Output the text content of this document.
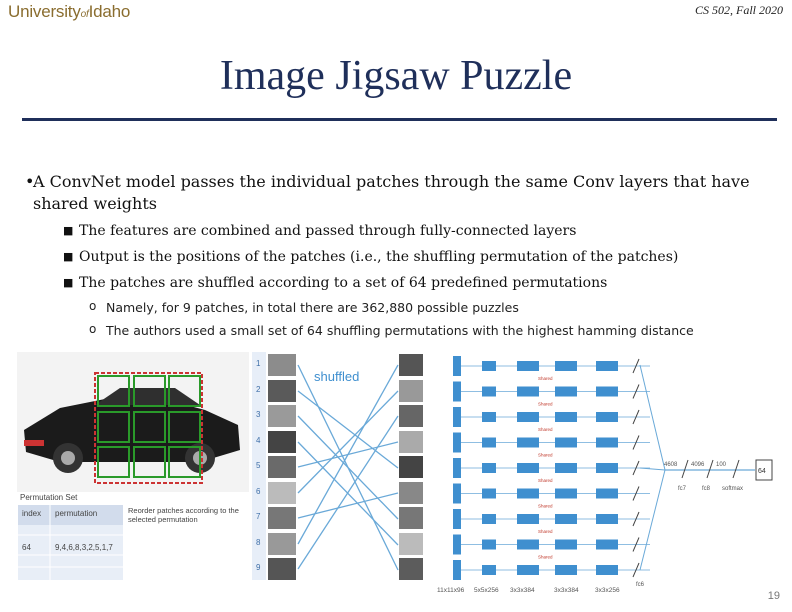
UniversityofIdaho	CS 502, Fall 2020
Image Jigsaw Puzzle
•
A ConvNet model passes the individual patches through the same Conv layers that have shared weights
■ The features are combined and passed through fully-connected layers
■ Output is the positions of the patches (i.e., the shuffling permutation of the patches)
■ The patches are shuffled according to a set of 64 predefined permutations
o Namely, for 9 patches, in total there are 362,880 possible puzzles
o The authors used a small set of 64 shuffling permutations with the highest hamming distance
Permutation Set
index permutation
64	9,4,6,8,3,2,5,1,7
Reorder patches according to the selected permutation
1
2
3
4
5
6
7
8
9
shuffled	Shared
Shared
Shared
Shared
Shared
Shared
Shared
Shared
11x11x96 5x5x256 3x3x384	3x3x384	3x3x256
64
4608 4096 100
fc7	fc8 softmax
fc6
19
